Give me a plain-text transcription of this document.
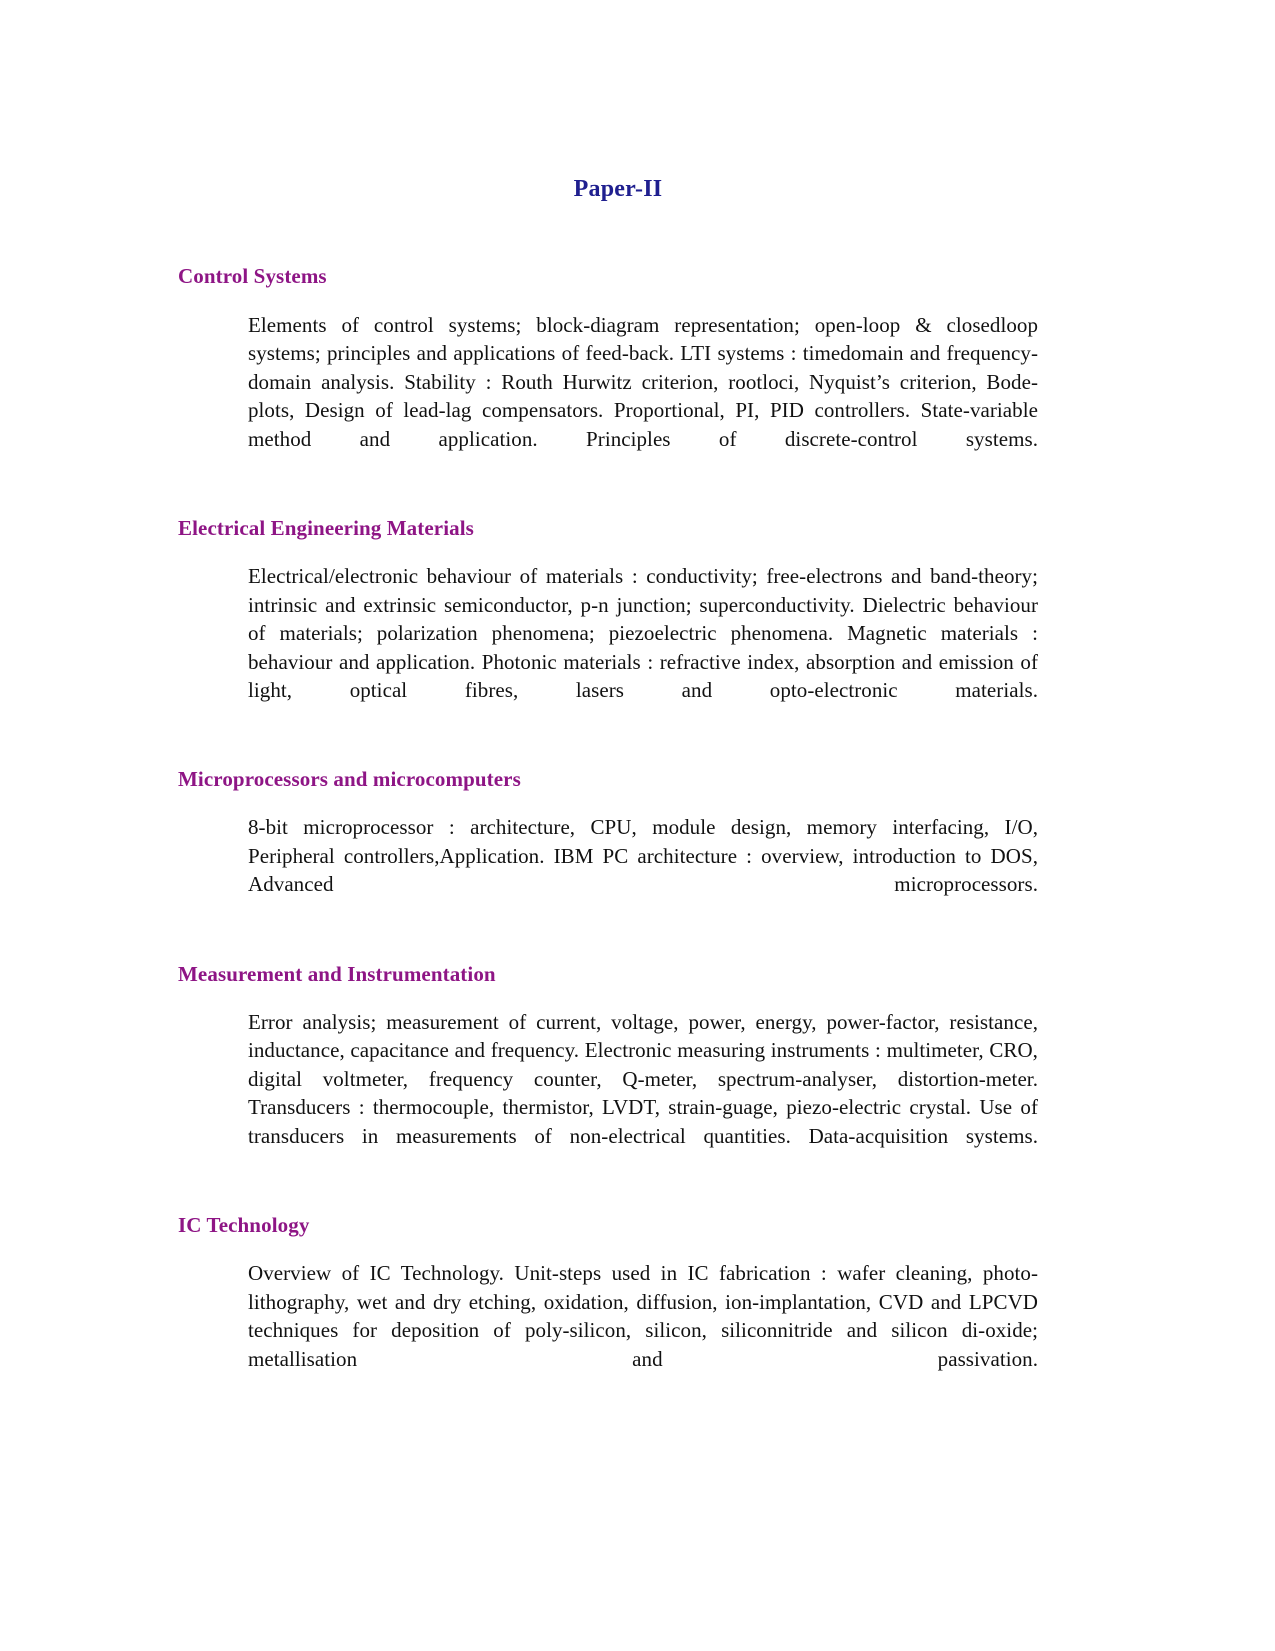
Paper-II
Control Systems

Elements of control systems; block-diagram representation; open-loop & closedloop systems; principles and applications of feed-back. LTI systems : timedomain and frequency-domain analysis. Stability : Routh Hurwitz criterion, rootloci, Nyquist’s criterion, Bode-plots, Design of lead-lag compensators. Proportional, PI, PID controllers. State-variable method and application. Principles of discrete-control systems.

Electrical Engineering Materials

Electrical/electronic behaviour of materials : conductivity; free-electrons and band-theory; intrinsic and extrinsic semiconductor, p-n junction; superconductivity. Dielectric behaviour of materials; polarization phenomena; piezoelectric phenomena. Magnetic materials : behaviour and application. Photonic materials : refractive index, absorption and emission of light, optical fibres, lasers and opto-electronic materials.

Microprocessors and microcomputers

8-bit microprocessor : architecture, CPU, module design, memory interfacing, I/O, Peripheral controllers,Application. IBM PC architecture : overview, introduction to DOS, Advanced microprocessors.

Measurement and Instrumentation

Error analysis; measurement of current, voltage, power, energy, power-factor, resistance, inductance, capacitance and frequency. Electronic measuring instruments : multimeter, CRO, digital voltmeter, frequency counter, Q-meter, spectrum-analyser, distortion-meter. Transducers : thermocouple, thermistor, LVDT, strain-guage, piezo-electric crystal. Use of transducers in measurements of non-electrical quantities. Data-acquisition systems.

IC Technology

Overview of IC Technology. Unit-steps used in IC fabrication : wafer cleaning, photo-lithography, wet and dry etching, oxidation, diffusion, ion-implantation, CVD and LPCVD techniques for deposition of poly-silicon, silicon, siliconnitride and silicon di-oxide; metallisation and passivation.
